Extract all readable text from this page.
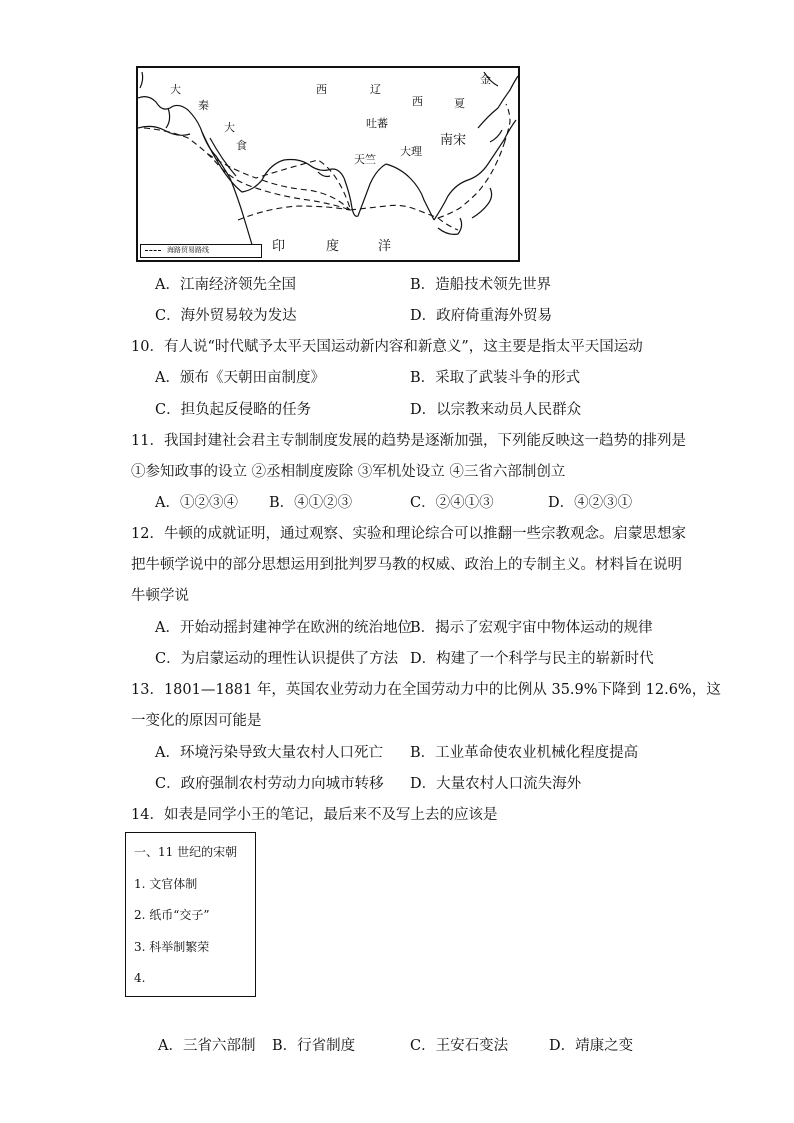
大
秦
西	辽
金
西	夏
大
食
吐蕃
南宋
天竺
大理
印	度	洋
海路贸易路线
A．江南经济领先全国	B．造船技术领先世界
C．海外贸易较为发达	D．政府倚重海外贸易
10．有人说“时代赋予太平天国运动新内容和新意义”，这主要是指太平天国运动
A．颁布《天朝田亩制度》	B．采取了武装斗争的形式
C．担负起反侵略的任务	D．以宗教来动员人民群众
11．我国封建社会君主专制制度发展的趋势是逐渐加强，下列能反映这一趋势的排列是
①参知政事的设立 ②丞相制度废除 ③军机处设立 ④三省六部制创立
A．①②③④ B．④①②③	C．②④①③	D．④②③①
12．牛顿的成就证明，通过观察、实验和理论综合可以推翻一些宗教观念。启蒙思想家
把牛顿学说中的部分思想运用到批判罗马教的权威、政治上的专制主义。材料旨在说明
牛顿学说
A．开始动摇封建神学在欧洲的统治地位
B．揭示了宏观宇宙中物体运动的规律
C．为启蒙运动的理性认识提供了方法 D．构建了一个科学与民主的崭新时代
13．1801—1881 年，英国农业劳动力在全国劳动力中的比例从 35.9%下降到 12.6%，这
一变化的原因可能是
A．环境污染导致大量农村人口死亡 B．工业革命使农业机械化程度提高
C．政府强制农村劳动力向城市转移 D．大量农村人口流失海外
14．如表是同学小王的笔记，最后来不及写上去的应该是
一、11 世纪的宋朝
1. 文官体制
2. 纸币“交子”
3. 科举制繁荣
4.
A．三省六部制 B．行省制度	C．王安石变法	D．靖康之变
